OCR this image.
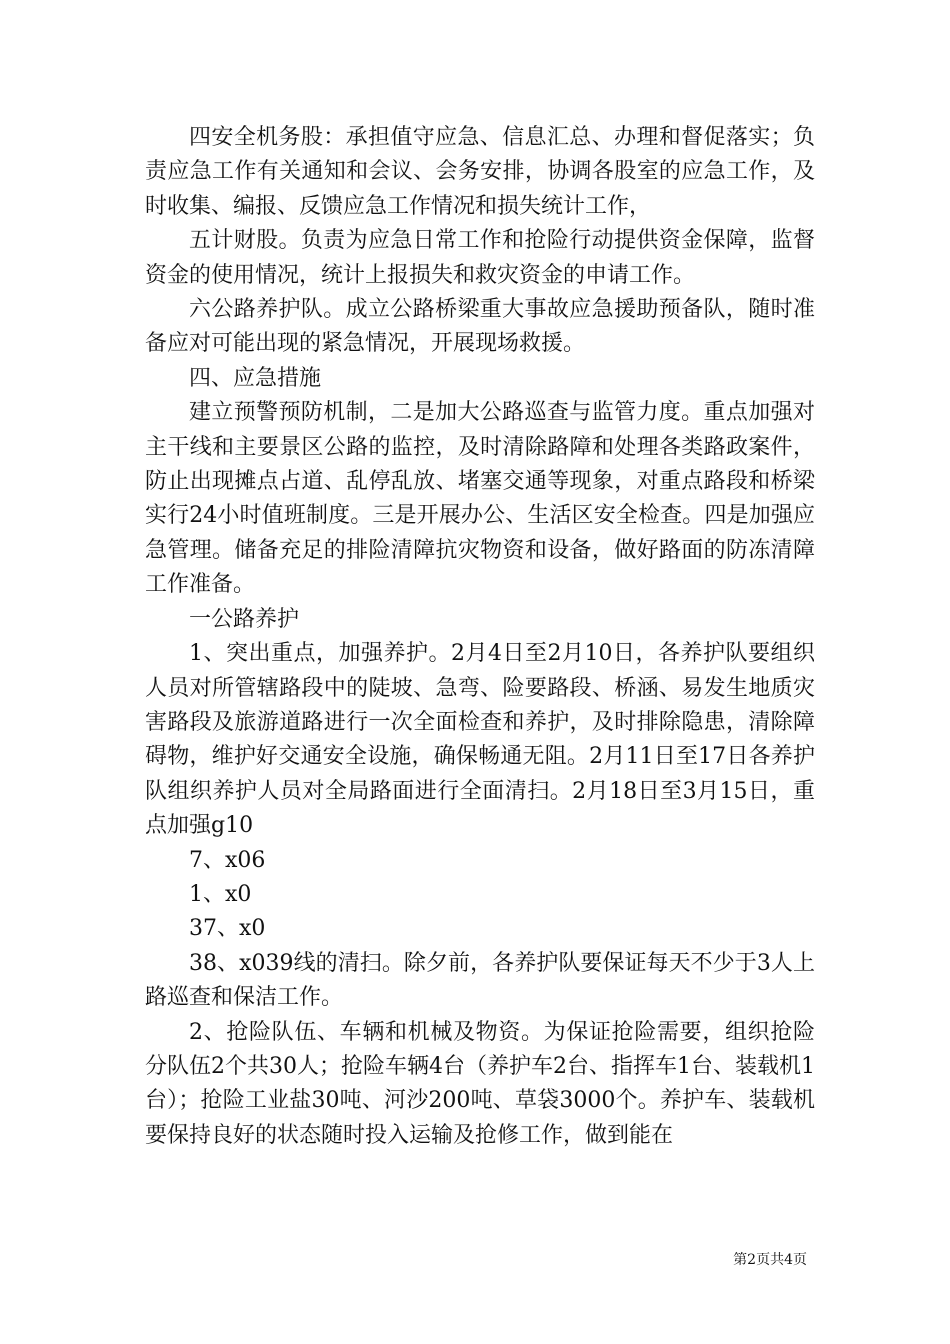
四安全机务股：承担值守应急、信息汇总、办理和督促落实；负责应急工作有关通知和会议、会务安排，协调各股室的应急工作，及时收集、编报、反馈应急工作情况和损失统计工作，

五计财股。负责为应急日常工作和抢险行动提供资金保障，监督资金的使用情况，统计上报损失和救灾资金的申请工作。

六公路养护队。成立公路桥梁重大事故应急援助预备队，随时准备应对可能出现的紧急情况，开展现场救援。

四、应急措施

建立预警预防机制，二是加大公路巡查与监管力度。重点加强对主干线和主要景区公路的监控，及时清除路障和处理各类路政案件，防止出现摊点占道、乱停乱放、堵塞交通等现象，对重点路段和桥梁实行24小时值班制度。三是开展办公、生活区安全检查。四是加强应急管理。储备充足的排险清障抗灾物资和设备，做好路面的防冻清障工作准备。

一公路养护

1、突出重点，加强养护。2月4日至2月10日，各养护队要组织人员对所管辖路段中的陡坡、急弯、险要路段、桥涵、易发生地质灾害路段及旅游道路进行一次全面检查和养护，及时排除隐患，清除障碍物，维护好交通安全设施，确保畅通无阻。2月11日至17日各养护队组织养护人员对全局路面进行全面清扫。2月18日至3月15日，重点加强g10

7、x06

1、x0

37、x0

38、x039线的清扫。除夕前，各养护队要保证每天不少于3人上路巡查和保洁工作。

2、抢险队伍、车辆和机械及物资。为保证抢险需要，组织抢险分队伍2个共30人；抢险车辆4台（养护车2台、指挥车1台、装载机1台）；抢险工业盐30吨、河沙200吨、草袋3000个。养护车、装载机要保持良好的状态随时投入运输及抢修工作，做到能在

第2页共4页
